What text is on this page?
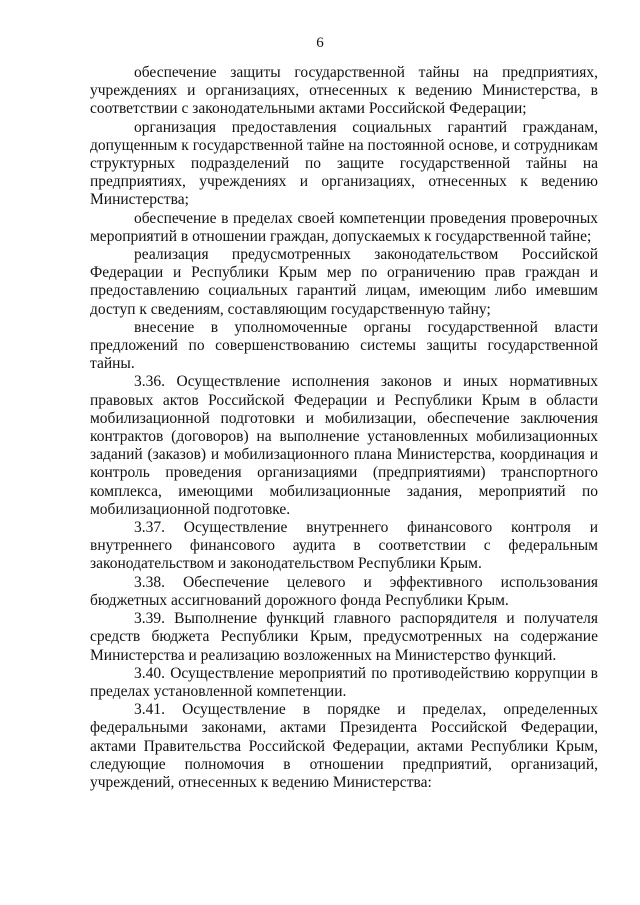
6

обеспечение защиты государственной тайны на предприятиях, учреждениях и организациях, отнесенных к ведению Министерства, в соответствии с законодательными актами Российской Федерации;

организация предоставления социальных гарантий гражданам, допущенным к государственной тайне на постоянной основе, и сотрудникам структурных подразделений по защите государственной тайны на предприятиях, учреждениях и организациях, отнесенных к ведению Министерства;

обеспечение в пределах своей компетенции проведения проверочных мероприятий в отношении граждан, допускаемых к государственной тайне;

реализация предусмотренных законодательством Российской Федерации и Республики Крым мер по ограничению прав граждан и предоставлению социальных гарантий лицам, имеющим либо имевшим доступ к сведениям, составляющим государственную тайну;

внесение в уполномоченные органы государственной власти предложений по совершенствованию системы защиты государственной тайны.

3.36. Осуществление исполнения законов и иных нормативных правовых актов Российской Федерации и Республики Крым в области мобилизационной подготовки и мобилизации, обеспечение заключения контрактов (договоров) на выполнение установленных мобилизационных заданий (заказов) и мобилизационного плана Министерства, координация и контроль проведения организациями (предприятиями) транспортного комплекса, имеющими мобилизационные задания, мероприятий по мобилизационной подготовке.

3.37. Осуществление внутреннего финансового контроля и внутреннего финансового аудита в соответствии с федеральным законодательством и законодательством Республики Крым.

3.38. Обеспечение целевого и эффективного использования бюджетных ассигнований дорожного фонда Республики Крым.

3.39. Выполнение функций главного распорядителя и получателя средств бюджета Республики Крым, предусмотренных на содержание Министерства и реализацию возложенных на Министерство функций.

3.40. Осуществление мероприятий по противодействию коррупции в пределах установленной компетенции.

3.41. Осуществление в порядке и пределах, определенных федеральными законами, актами Президента Российской Федерации, актами Правительства Российской Федерации, актами Республики Крым, следующие полномочия в отношении предприятий, организаций, учреждений, отнесенных к ведению Министерства:
